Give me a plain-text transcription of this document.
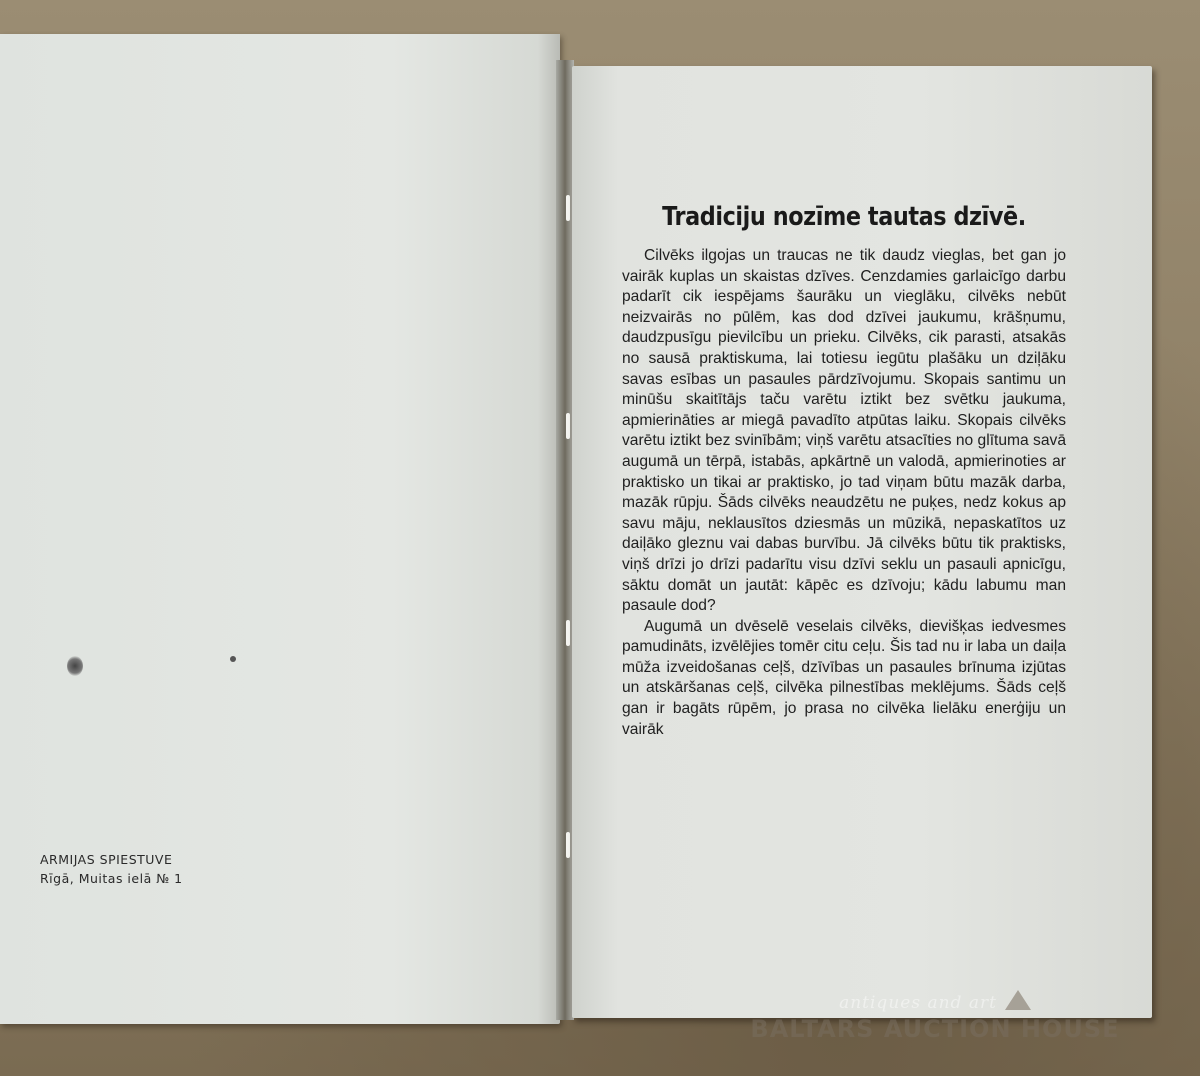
ARMIJAS SPIESTUVE
Rīgā, Muitas ielā № 1
Tradiciju nozīme tautas dzīvē.

Cilvēks ilgojas un traucas ne tik daudz vieglas, bet gan jo vairāk kuplas un skaistas dzīves. Cenzdamies garlaicīgo darbu padarīt cik iespējams šaurāku un vieglāku, cilvēks nebūt neizvairās no pūlēm, kas dod dzīvei jaukumu, krāšņumu, daudzpusīgu pievilcību un prieku. Cilvēks, cik parasti, atsakās no sausā praktiskuma, lai totiesu iegūtu plašāku un dziļāku savas esības un pasaules pārdzīvojumu. Skopais santimu un minūšu skaitītājs taču varētu iztikt bez svētku jaukuma, apmierināties ar miegā pavadīto atpūtas laiku. Skopais cilvēks varētu iztikt bez svinībām; viņš varētu atsacīties no glītuma savā augumā un tērpā, istabās, apkārtnē un valodā, apmierinoties ar praktisko un tikai ar praktisko, jo tad viņam būtu mazāk darba, mazāk rūpju. Šāds cilvēks neaudzētu ne puķes, nedz kokus ap savu māju, neklausītos dziesmās un mūzikā, nepaskatītos uz daiļāko gleznu vai dabas burvību. Jā cilvēks būtu tik praktisks, viņš drīzi jo drīzi padarītu visu dzīvi seklu un pasauli apnicīgu, sāktu domāt un jautāt: kāpēc es dzīvoju; kādu labumu man pasaule dod?

Augumā un dvēselē veselais cilvēks, dievišķas iedvesmes pamudināts, izvēlējies tomēr citu ceļu. Šis tad nu ir laba un daiļa mūža izveidošanas ceļš, dzīvības un pasaules brīnuma izjūtas un atskāršanas ceļš, cilvēka pilnestības meklējums. Šāds ceļš gan ir bagāts rūpēm, jo prasa no cilvēka lielāku enerģiju un vairāk

antiques and art
BALTARS AUCTION HOUSE
